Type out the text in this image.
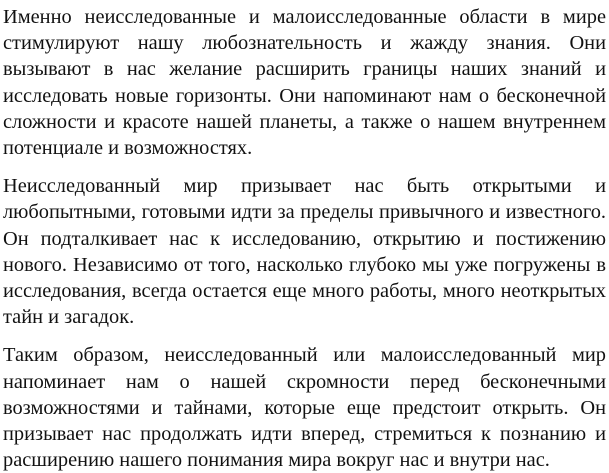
Именно неисследованные и малоисследованные области в мире стимулируют нашу любознательность и жажду знания. Они вызывают в нас желание расширить границы наших знаний и исследовать новые горизонты. Они напоминают нам о бесконечной сложности и красоте нашей планеты, а также о нашем внутреннем потенциале и возможностях.

Неисследованный мир призывает нас быть открытыми и любопытными, готовыми идти за пределы привычного и известного. Он подталкивает нас к исследованию, открытию и постижению нового. Независимо от того, насколько глубоко мы уже погружены в исследования, всегда остается еще много работы, много неоткрытых тайн и загадок.

Таким образом, неисследованный или малоисследованный мир напоминает нам о нашей скромности перед бесконечными возможностями и тайнами, которые еще предстоит открыть. Он призывает нас продолжать идти вперед, стремиться к познанию и расширению нашего понимания мира вокруг нас и внутри нас.
